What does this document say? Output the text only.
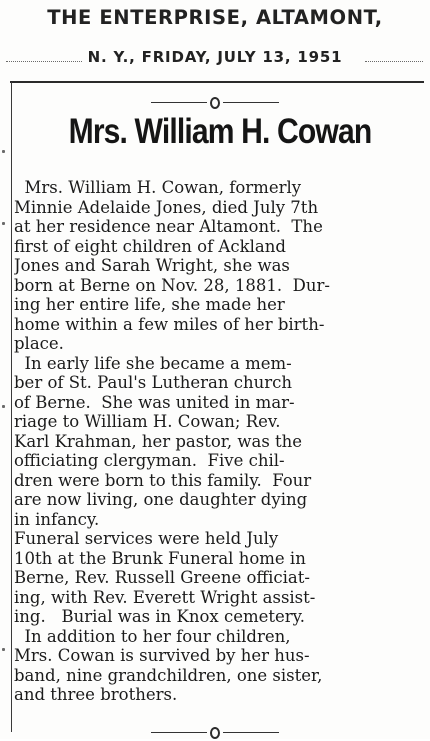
THE ENTERPRISE, ALTAMONT,
N. Y., FRIDAY, JULY 13, 1951
Mrs. William H. Cowan
Mrs. William H. Cowan, formerly
Minnie Adelaide Jones, died July 7th
at her residence near Altamont.  The
first of eight children of Ackland
Jones and Sarah Wright, she was
born at Berne on Nov. 28, 1881.  Dur-
ing her entire life, she made her
home within a few miles of her birth-
place.
In early life she became a mem-
ber of St. Paul's Lutheran church
of Berne.  She was united in mar-
riage to William H. Cowan; Rev.
Karl Krahman, her pastor, was the
officiating clergyman.  Five chil-
dren were born to this family.  Four
are now living, one daughter dying
in infancy.
Funeral services were held July
10th at the Brunk Funeral home in
Berne, Rev. Russell Greene officiat-
ing, with Rev. Everett Wright assist-
ing.   Burial was in Knox cemetery.
In addition to her four children,
Mrs. Cowan is survived by her hus-
band, nine grandchildren, one sister,
and three brothers.
